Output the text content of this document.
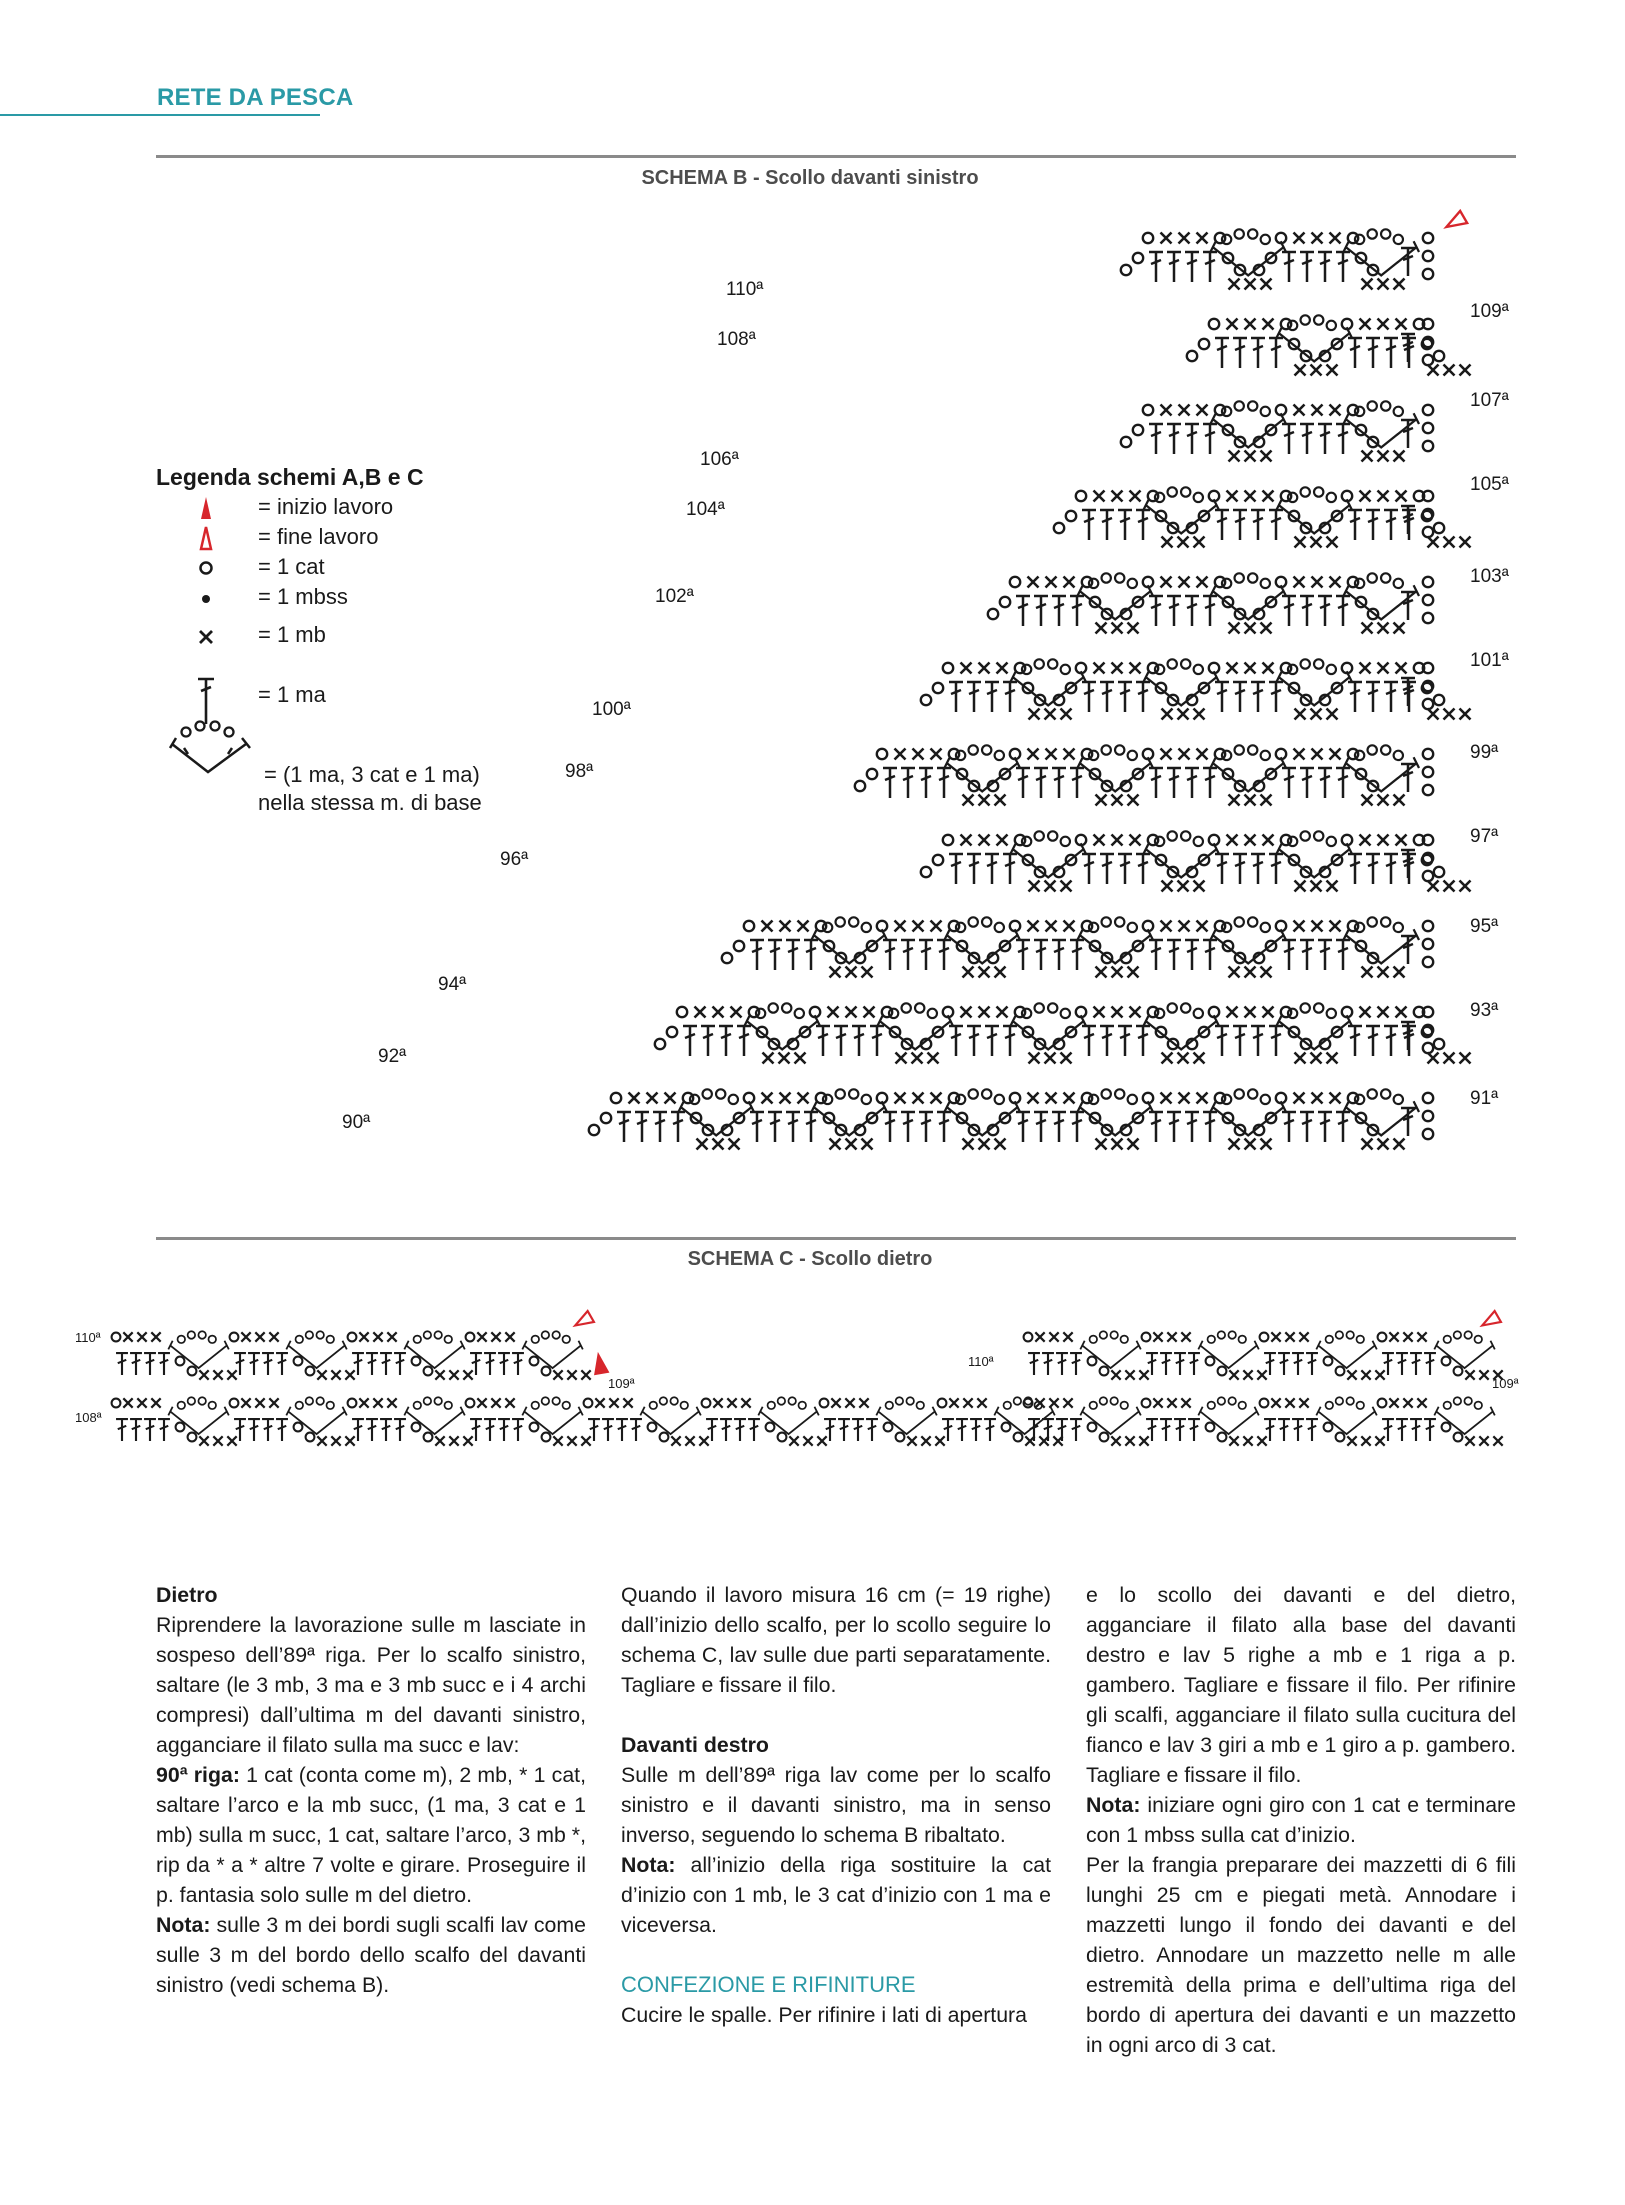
RETE DA PESCA
SCHEMA B - Scollo davanti sinistro
110ª
108ª
106ª
104ª
102ª
100ª
98ª
96ª
94ª
92ª
90ª
109ª
107ª
105ª
103ª
101ª
99ª
97ª
95ª
93ª
91ª
SCHEMA C - Scollo dietro
110ª
108ª
109ª
110ª
109ª
Legenda schemi A,B e C
= inizio lavoro
= fine lavoro
= 1 cat
= 1 mbss
= 1 mb
= 1 ma
= (1 ma, 3 cat e 1 ma)
nella stessa m. di base

Dietro

Riprendere la lavorazione sulle m lasciate in sospeso dell’89ª riga. Per lo scalfo sinistro, saltare (le 3 mb, 3 ma e 3 mb succ e i 4 archi compresi) dall’ultima m del davanti sinistro, agganciare il filato sulla ma succ e lav:

90ª riga: 1 cat (conta come m), 2 mb, * 1 cat, saltare l’arco e la mb succ, (1 ma, 3 cat e 1 mb) sulla m succ, 1 cat, saltare l’arco, 3 mb *, rip da * a * altre 7 volte e girare. Proseguire il p. fantasia solo sulle m del dietro.

Nota: sulle 3 m dei bordi sugli scalfi lav come sulle 3 m del bordo dello scalfo del davanti sinistro (vedi schema B).

Quando il lavoro misura 16 cm (= 19 righe) dall’inizio dello scalfo, per lo scollo seguire lo schema C, lav sulle due parti separatamente. Tagliare e fissare il filo.

Davanti destro

Sulle m dell’89ª riga lav come per lo scalfo sinistro e il davanti sinistro, ma in senso inverso, seguendo lo schema B ribaltato.

Nota: all’inizio della riga sostituire la cat d’inizio con 1 mb, le 3 cat d’inizio con 1 ma e viceversa.

CONFEZIONE E RIFINITURE

Cucire le spalle. Per rifinire i lati di apertura

e lo scollo dei davanti e del dietro, agganciare il filato alla base del davanti destro e lav 5 righe a mb e 1 riga a p. gambero. Tagliare e fissare il filo. Per rifinire gli scalfi, agganciare il filato sulla cucitura del fianco e lav 3 giri a mb e 1 giro a p. gambero. Tagliare e fissare il filo.

Nota: iniziare ogni giro con 1 cat e terminare con 1 mbss sulla cat d’inizio.

Per la frangia preparare dei mazzetti di 6 fili lunghi 25 cm e piegati metà. Annodare i mazzetti lungo il fondo dei davanti e del dietro. Annodare un mazzetto nelle m alle estremità della prima e dell’ultima riga del bordo di apertura dei davanti e un mazzetto in ogni arco di 3 cat.
